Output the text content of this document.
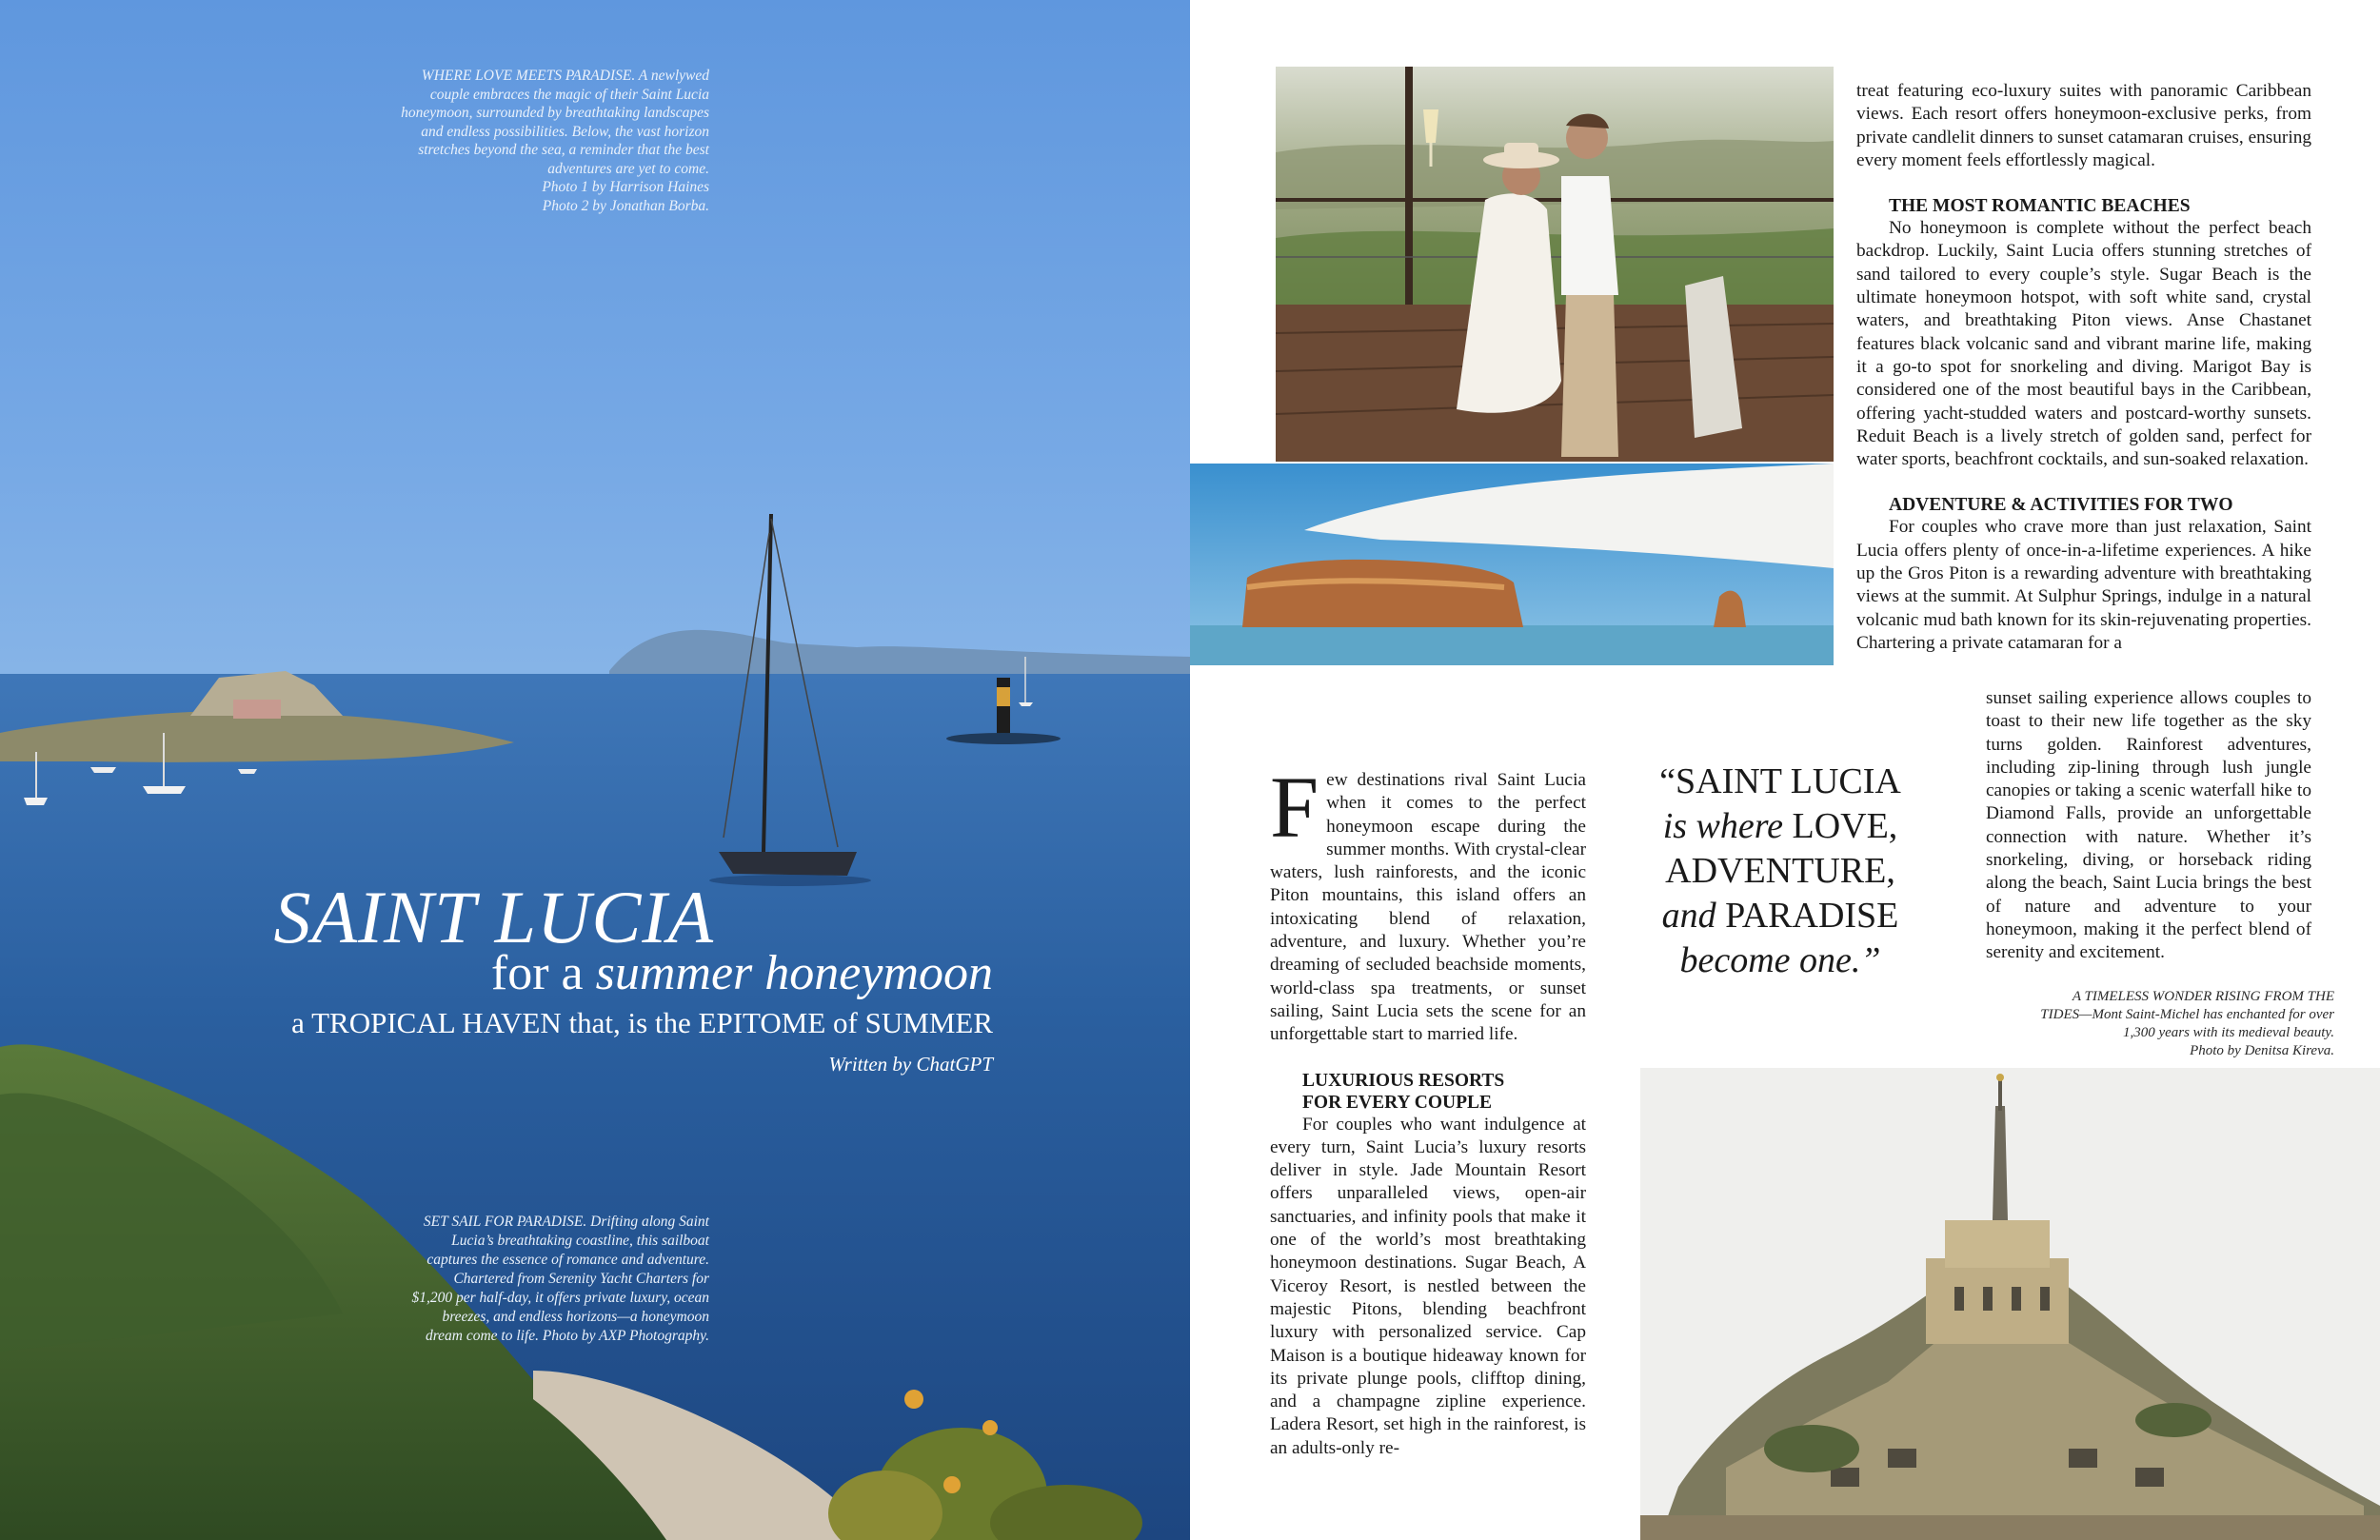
WHERE LOVE MEETS PARADISE. A newlywed

couple embraces the magic of their Saint Lucia

honeymoon, surrounded by breathtaking landscapes

and endless possibilities. Below, the vast horizon

stretches beyond the sea, a reminder that the best

adventures are yet to come.

Photo 1 by Harrison Haines

Photo 2 by Jonathan Borba.

SAINT LUCIA
for a summer honeymoon
a TROPICAL HAVEN that, is the EPITOME of SUMMER
Written by ChatGPT

SET SAIL FOR PARADISE. Drifting along Saint

Lucia’s breathtaking coastline, this sailboat

captures the essence of romance and adventure.

Chartered from Serenity Yacht Charters for

$1,200 per half-day, it offers private luxury, ocean

breezes, and endless horizons—a honeymoon

dream come to life. Photo by AXP Photography.

Few destinations rival Saint Lucia when it comes to the perfect honeymoon escape during the summer months. With crystal-clear waters, lush rainforests, and the iconic Piton mountains, this island offers an intoxicating blend of relaxation, adventure, and luxury. Whether you’re dreaming of secluded beachside moments, world-class spa treatments, or sunset sailing, Saint Lucia sets the scene for an unforgettable start to married life.

LUXURIOUS RESORTS

FOR EVERY COUPLE

For couples who want indulgence at every turn, Saint Lucia’s luxury resorts deliver in style. Jade Mountain Resort offers unparalleled views, open-air sanctuaries, and infinity pools that make it one of the world’s most breathtaking honeymoon destinations. Sugar Beach, A Viceroy Resort, is nestled between the majestic Pitons, blending beachfront luxury with personalized service. Cap Maison is a boutique hideaway known for its private plunge pools, clifftop dining, and a champagne zipline experience. Ladera Resort, set high in the rainforest, is an adults-only re-

“SAINT LUCIA
is where LOVE,
ADVENTURE,
and PARADISE
become one.”

treat featuring eco-luxury suites with panoramic Caribbean views. Each resort offers honeymoon-exclusive perks, from private candlelit dinners to sunset catamaran cruises, ensuring every moment feels effortlessly magical.

THE MOST ROMANTIC BEACHES

No honeymoon is complete without the perfect beach backdrop. Luckily, Saint Lucia offers stunning stretches of sand tailored to every couple’s style. Sugar Beach is the ultimate honeymoon hotspot, with soft white sand, crystal waters, and breathtaking Piton views. Anse Chastanet features black volcanic sand and vibrant marine life, making it a go-to spot for snorkeling and diving. Marigot Bay is considered one of the most beautiful bays in the Caribbean, offering yacht-studded waters and postcard-worthy sunsets. Reduit Beach is a lively stretch of golden sand, perfect for water sports, beachfront cocktails, and sun-soaked relaxation.

ADVENTURE & ACTIVITIES FOR TWO

For couples who crave more than just relaxation, Saint Lucia offers plenty of once-in-a-lifetime experiences. A hike up the Gros Piton is a rewarding adventure with breathtaking views at the summit. At Sulphur Springs, indulge in a natural volcanic mud bath known for its skin-rejuvenating properties. Chartering a private catamaran for a

sunset sailing experience allows couples to toast to their new life together as the sky turns golden. Rainforest adventures, including zip-lining through lush jungle canopies or taking a scenic waterfall hike to Diamond Falls, provide an unforgettable connection with nature. Whether it’s snorkeling, diving, or horseback riding along the beach, Saint Lucia brings the best of nature and adventure to your honeymoon, making it the perfect blend of serenity and excitement.

A TIMELESS WONDER RISING FROM THE
TIDES—Mont Saint-Michel has enchanted for over
1,300 years with its medieval beauty.
Photo by Denitsa Kireva.
